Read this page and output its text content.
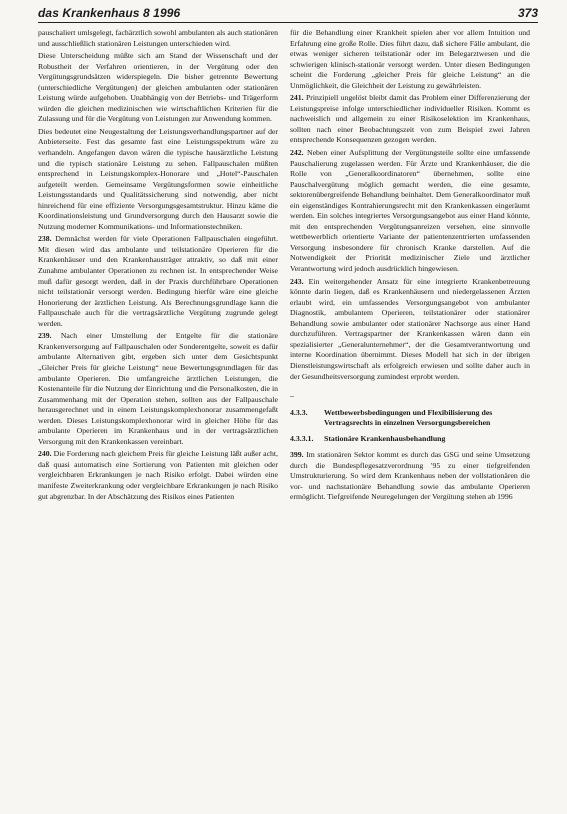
das Krankenhaus 8 1996	373

pauschaliert umlsgelegt, fachärztlich sowohl ambulanten als auch stationären und ausschließlich stationären Leistungen unterschieden wird.

Diese Unterscheidung müßte sich am Stand der Wissenschaft und der Robustheit der Verfahren orientieren, in der Vergütung oder den Vergütungsgrundsätzen widerspiegeln. Die bisher getrennte Bewertung (unterschiedliche Vergütungen) der gleichen ambulanten oder stationären Leistung würde aufgehoben. Unabhängig von der Betriebs- und Trägerform würden die gleichen medizinischen wie wirtschaftlichen Kriterien für die Zulassung und für die Vergütung von Leistungen zur Anwendung kommen.

Dies bedeutet eine Neugestaltung der Leistungsverhandlungspartner auf der Anbieterseite. Fest das gesamte fast eine Leistungsspektrum wäre zu verhandeln. Angefangen davon wären die typische hausärztliche Leistung und die typisch stationäre Leistung zu sehen. Fallpauschalen müßten entsprechend in Leistungskomplex-Honorare und „Hotel“-Pauschalen aufgeteilt werden. Gemeinsame Vergütungsformen sowie einheitliche Leistungsstandards und Qualitätssicherung sind notwendig, aber nicht hinreichend für eine effiziente Versorgungsgesamtstruktur. Hinzu käme die Koordinationsleistung und Grundversorgung durch den Hausarzt sowie die Nutzung moderner Kommunikations- und Informationstechniken.

238. Demnächst werden für viele Operationen Fallpauschalen eingeführt. Mit diesen wird das ambulante und teilstationäre Operieren für die Krankenhäuser und den Krankenhausträger attraktiv, so daß mit einer Zunahme ambulanter Operationen zu rechnen ist. In entsprechender Weise muß dafür gesorgt werden, daß in der Praxis durchführbare Operationen nicht teilstationär versorgt werden. Bedingung hierfür wäre eine gleiche Honorierung der ärztlichen Leistung. Als Berechnungsgrundlage kann die Fallpauschale auch für die vertragsärztliche Vergütung zugrunde gelegt werden.

239. Nach einer Umstellung der Entgelte für die stationäre Krankenversorgung auf Fallpauschalen oder Sonderentgelte, soweit es dafür ambulante Alternativen gibt, ergeben sich unter dem Gesichtspunkt „Gleicher Preis für gleiche Leistung“ neue Bewertungsgrundlagen für das ambulante Operieren. Die umfangreiche ärztlichen Leistungen, die Kostenanteile für die Nutzung der Einrichtung und die Personalkosten, die in Zusammenhang mit der Operation stehen, sollten aus der Fallpauschale herausgerechnet und in einem Leistungskomplexhonorar zusammengefaßt werden. Dieses Leistungskomplexhonorar wird in gleicher Höhe für das ambulante Operieren im Krankenhaus und in der vertragsärztlichen Versorgung mit den Krankenkassen vereinbart.

240. Die Forderung nach gleichem Preis für gleiche Leistung läßt außer acht, daß quasi automatisch eine Sortierung von Patienten mit gleichen oder vergleichbaren Erkrankungen je nach Risiko erfolgt. Dabei würden eine manifeste Zweiterkrankung oder vergleichbare Erkrankungen je nach Risiko gut abgrenzbar. In der Abschätzung des Risikos eines Patienten

für die Behandlung einer Krankheit spielen aber vor allem Intuition und Erfahrung eine große Rolle. Dies führt dazu, daß sichere Fälle ambulant, die etwas weniger sicheren teilstationär oder im Belegarztwesen und die schwierigen klinisch-stationär versorgt werden. Unter diesen Bedingungen scheint die Forderung „gleicher Preis für gleiche Leistung“ an die Unmöglichkeit, die Gleichheit der Leistung zu gewährleisten.

241. Prinzipiell ungelöst bleibt damit das Problem einer Differenzierung der Leistungspreise infolge unterschiedlicher individueller Risiken. Kommt es nachweislich und allgemein zu einer Risikoselektion im Krankenhaus, sollten nach einer Beobachtungszeit von zum Beispiel zwei Jahren entsprechende Konsequenzen gezogen werden.

242. Neben einer Aufsplittung der Vergütungsteile sollte eine umfassende Pauschalierung zugelassen werden. Für Ärzte und Krankenhäuser, die die Rolle von „Generalkoordinatoren“ übernehmen, sollte eine Pauschalvergütung möglich gemacht werden, die eine gesamte, sektorenübergreifende Behandlung beinhaltet. Dem Generalkoordinator muß ein eigenständiges Kontrahierungsrecht mit den Krankenkassen eingeräumt werden. Ein solches integriertes Versorgungsangebot aus einer Hand könnte, mit den entsprechenden Vergütungsanreizen versehen, eine sinnvolle wettbewerblich orientierte Variante der patientenzentrierten umfassenden Versorgung insbesondere für chronisch Kranke darstellen. Auf die Notwendigkeit der Priorität medizinischer Ziele und ärztlicher Verantwortung wird jedoch ausdrücklich hingewiesen.

243. Ein weitergehender Ansatz für eine integrierte Krankenbetreuung könnte darin liegen, daß es Krankenhäusern und niedergelassenen Ärzten erlaubt wird, ein umfassendes Versorgungsangebot von ambulanter Diagnostik, ambulantem Operieren, teilstationärer oder stationärer Behandlung sowie ambulanter oder stationärer Nachsorge aus einer Hand durchzuführen. Vertragspartner der Krankenkassen wären dann ein spezialisierter „Generalunternehmer“, der die Gesamtverantwortung und interne Koordination übernimmt. Dieses Modell hat sich in der übrigen Dienstleistungswirtschaft als erfolgreich erwiesen und sollte daher auch in der Gesundheitsversorgung zumindest erprobt werden.

–
4.3.3.	Wettbewerbsbedingungen und Flexibilisierung des Vertragsrechts in einzelnen Versorgungsbereichen
4.3.3.1.	Stationäre Krankenhausbehandlung

399. Im stationären Sektor kommt es durch das GSG und seine Umsetzung durch die Bundespflegesatzverordnung '95 zu einer tiefgreifenden Umstrukturierung. So wird dem Krankenhaus neben der vollstationären die vor- und nachstationäre Behandlung sowie das ambulante Operieren ermöglicht. Tiefgreifende Neuregelungen der Vergütung stehen ab 1996
